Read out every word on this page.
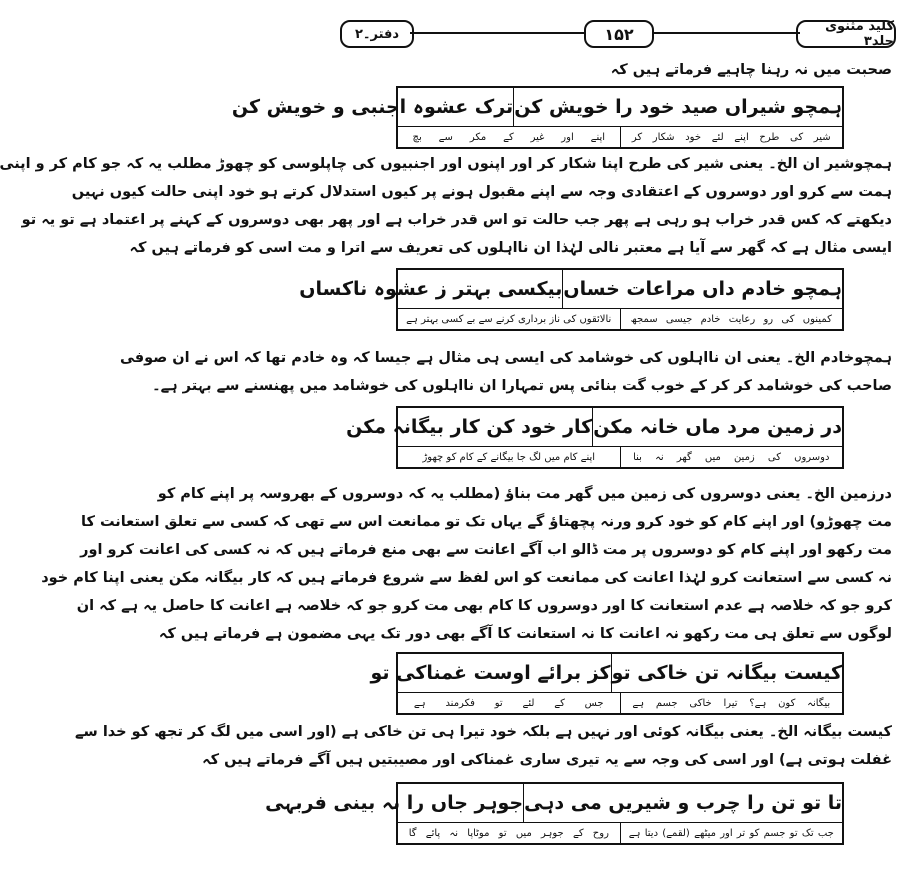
کلید مثنوی جلد۳
۱۵۲
دفتر۔۲
صحبت میں نہ رہنا چاہیے فرماتے ہیں کہ
ہمچو شیراں صید خود را خویش کن
ترک عشوہ اجنبی و خویش کن
شیر
کی
طرح
اپنے
لئے
خود
شکار
کر
اپنے
اور
غیر
کے
مکر
سے
بچ
ہمچوشیر ان الخ۔ یعنی شیر کی طرح اپنا شکار کر اور اپنوں اور اجنبیوں کی چاپلوسی کو چھوڑ مطلب یہ کہ جو کام کر و اپنی
ہمت سے کرو اور دوسروں کے اعتقادی وجہ سے اپنے مقبول ہونے پر کیوں استدلال کرتے ہو خود اپنی حالت کیوں نہیں
دیکھتے کہ کس قدر خراب ہو رہی ہے پھر جب حالت تو اس قدر خراب ہے اور پھر بھی دوسروں کے کہنے پر اعتماد ہے تو یہ تو
ایسی مثال ہے کہ گھر سے آیا ہے معتبر نالی لہٰذا ان نااہلوں کی تعریف سے اترا و مت اسی کو فرماتے ہیں کہ
ہمچو خادم داں مراعات خساں
بیکسی بہتر ز عشوہ ناکساں
کمینوں
کی
رو
رعایت
خادم
جیسی
سمجھ
نالائقوں کی ناز برداری کرنے سے بے کسی بہتر ہے
ہمچوخادم الخ۔ یعنی ان نااہلوں کی خوشامد کی ایسی ہی مثال ہے جیسا کہ وہ خادم تھا کہ اس نے ان صوفی
صاحب کی خوشامد کر کر کے خوب گت بنائی پس تمہارا ان نااہلوں کی خوشامد میں پھنسنے سے بہتر ہے۔
در زمین مرد ماں خانہ مکن
کار خود کن کار بیگانہ مکن
دوسروں
کی
زمین
میں
گھر
نہ
بنا
اپنے کام میں لگ جا بیگانے کے کام کو چھوڑ
درزمین الخ۔ یعنی دوسروں کی زمین میں گھر مت بناؤ (مطلب یہ کہ دوسروں کے بھروسہ پر اپنے کام کو
مت چھوڑو) اور اپنے کام کو خود کرو ورنہ پچھتاؤ گے یہاں تک تو ممانعت اس سے تھی کہ کسی سے تعلق استعانت کا
مت رکھو اور اپنے کام کو دوسروں پر مت ڈالو اب آگے اعانت سے بھی منع فرماتے ہیں کہ نہ کسی کی اعانت کرو اور
نہ کسی سے استعانت کرو لہٰذا اعانت کی ممانعت کو اس لفظ سے شروع فرماتے ہیں کہ کار بیگانہ مکن یعنی اپنا کام خود
کرو جو کہ خلاصہ ہے عدم استعانت کا اور دوسروں کا کام بھی مت کرو جو کہ خلاصہ ہے اعانت کا حاصل یہ ہے کہ ان
لوگوں سے تعلق ہی مت رکھو نہ اعانت کا نہ استعانت کا آگے بھی دور تک یہی مضمون ہے فرماتے ہیں کہ
کیست بیگانہ تن خاکی تو
کز برائے اوست غمناکی تو
بیگانہ
کون
ہے؟
تیرا
خاکی
جسم
ہے
جس
کے
لئے
تو
فکرمند
ہے
کیست بیگانہ الخ۔ یعنی بیگانہ کوئی اور نہیں ہے بلکہ خود تیرا ہی تن خاکی ہے (اور اسی میں لگ کر تجھ کو خدا سے
غفلت ہوتی ہے) اور اسی کی وجہ سے یہ تیری ساری غمناکی اور مصیبتیں ہیں آگے فرماتے ہیں کہ
تا تو تن را چرب و شیریں می دہی
جوہر جاں را نہ بینی فربہی
جب
تک
تو
جسم
کو
تر
اور
میٹھے
(لقمے)
دیتا
ہے
روح
کے
جوہر
میں
تو
موٹاپا
نہ
پائے
گا
